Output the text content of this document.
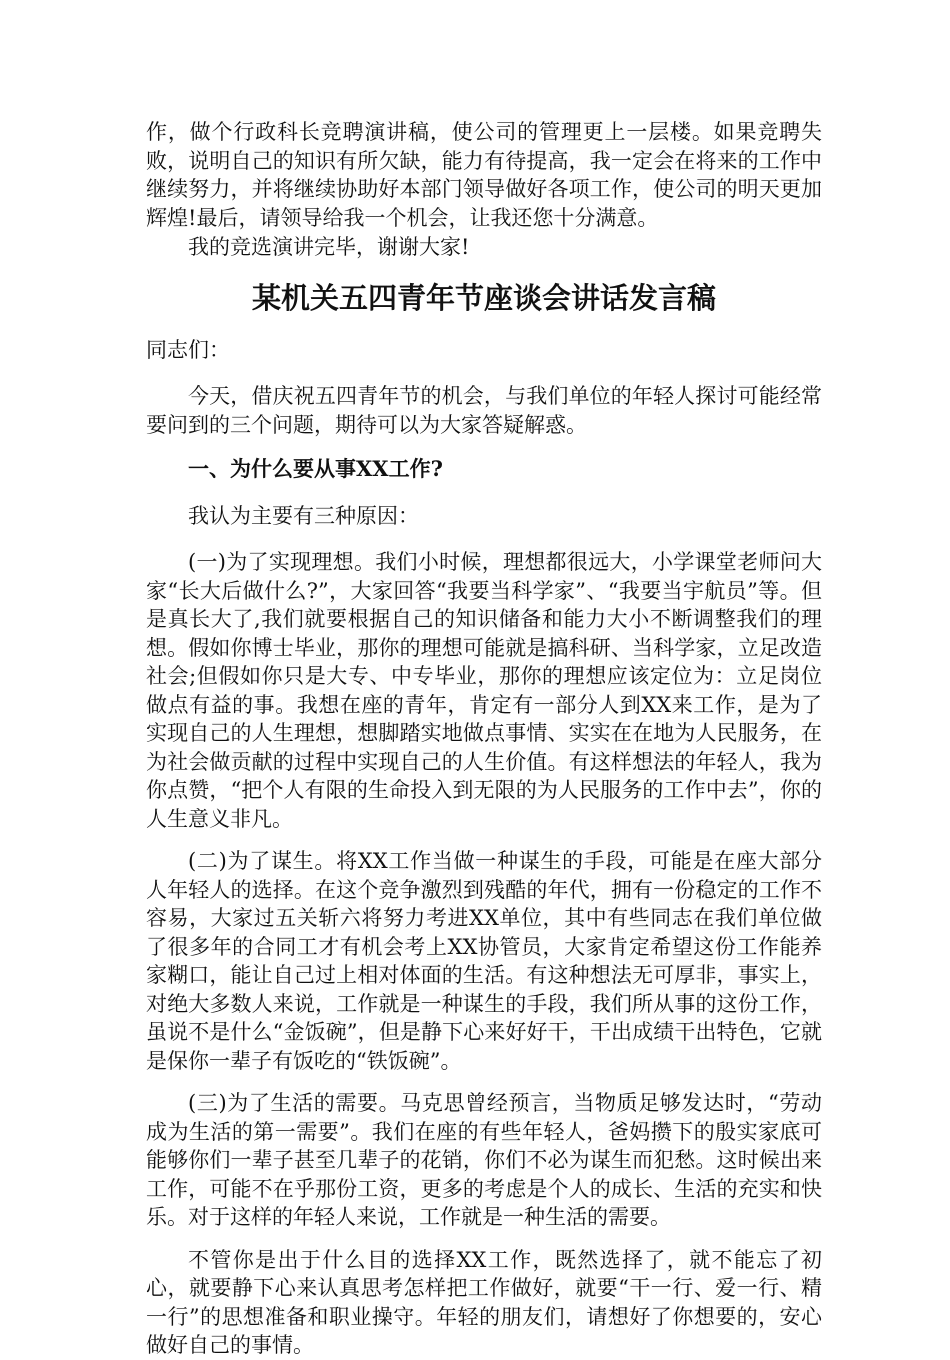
作，做个行政科长竞聘演讲稿，使公司的管理更上一层楼。如果竞聘失败，说明自己的知识有所欠缺，能力有待提高，我一定会在将来的工作中继续努力，并将继续协助好本部门领导做好各项工作，使公司的明天更加辉煌!最后，请领导给我一个机会，让我还您十分满意。

我的竞选演讲完毕，谢谢大家!

某机关五四青年节座谈会讲话发言稿

同志们：

今天，借庆祝五四青年节的机会，与我们单位的年轻人探讨可能经常要问到的三个问题，期待可以为大家答疑解惑。

一、为什么要从事XX工作?

我认为主要有三种原因：

(一)为了实现理想。我们小时候，理想都很远大，小学课堂老师问大家“长大后做什么?”，大家回答“我要当科学家”、“我要当宇航员”等。但是真长大了,我们就要根据自己的知识储备和能力大小不断调整我们的理想。假如你博士毕业，那你的理想可能就是搞科研、当科学家，立足改造社会;但假如你只是大专、中专毕业，那你的理想应该定位为：立足岗位做点有益的事。我想在座的青年，肯定有一部分人到XX来工作，是为了实现自己的人生理想，想脚踏实地做点事情、实实在在地为人民服务，在为社会做贡献的过程中实现自己的人生价值。有这样想法的年轻人，我为你点赞，“把个人有限的生命投入到无限的为人民服务的工作中去”，你的人生意义非凡。

(二)为了谋生。将XX工作当做一种谋生的手段，可能是在座大部分人年轻人的选择。在这个竞争激烈到残酷的年代，拥有一份稳定的工作不容易，大家过五关斩六将努力考进XX单位，其中有些同志在我们单位做了很多年的合同工才有机会考上XX协管员，大家肯定希望这份工作能养家糊口，能让自己过上相对体面的生活。有这种想法无可厚非，事实上，对绝大多数人来说，工作就是一种谋生的手段，我们所从事的这份工作，虽说不是什么“金饭碗”，但是静下心来好好干，干出成绩干出特色，它就是保你一辈子有饭吃的“铁饭碗”。

(三)为了生活的需要。马克思曾经预言，当物质足够发达时，“劳动成为生活的第一需要”。我们在座的有些年轻人，爸妈攒下的殷实家底可能够你们一辈子甚至几辈子的花销，你们不必为谋生而犯愁。这时候出来工作，可能不在乎那份工资，更多的考虑是个人的成长、生活的充实和快乐。对于这样的年轻人来说，工作就是一种生活的需要。

不管你是出于什么目的选择XX工作，既然选择了，就不能忘了初心，就要静下心来认真思考怎样把工作做好，就要“干一行、爱一行、精一行”的思想准备和职业操守。年轻的朋友们，请想好了你想要的，安心做好自己的事情。
